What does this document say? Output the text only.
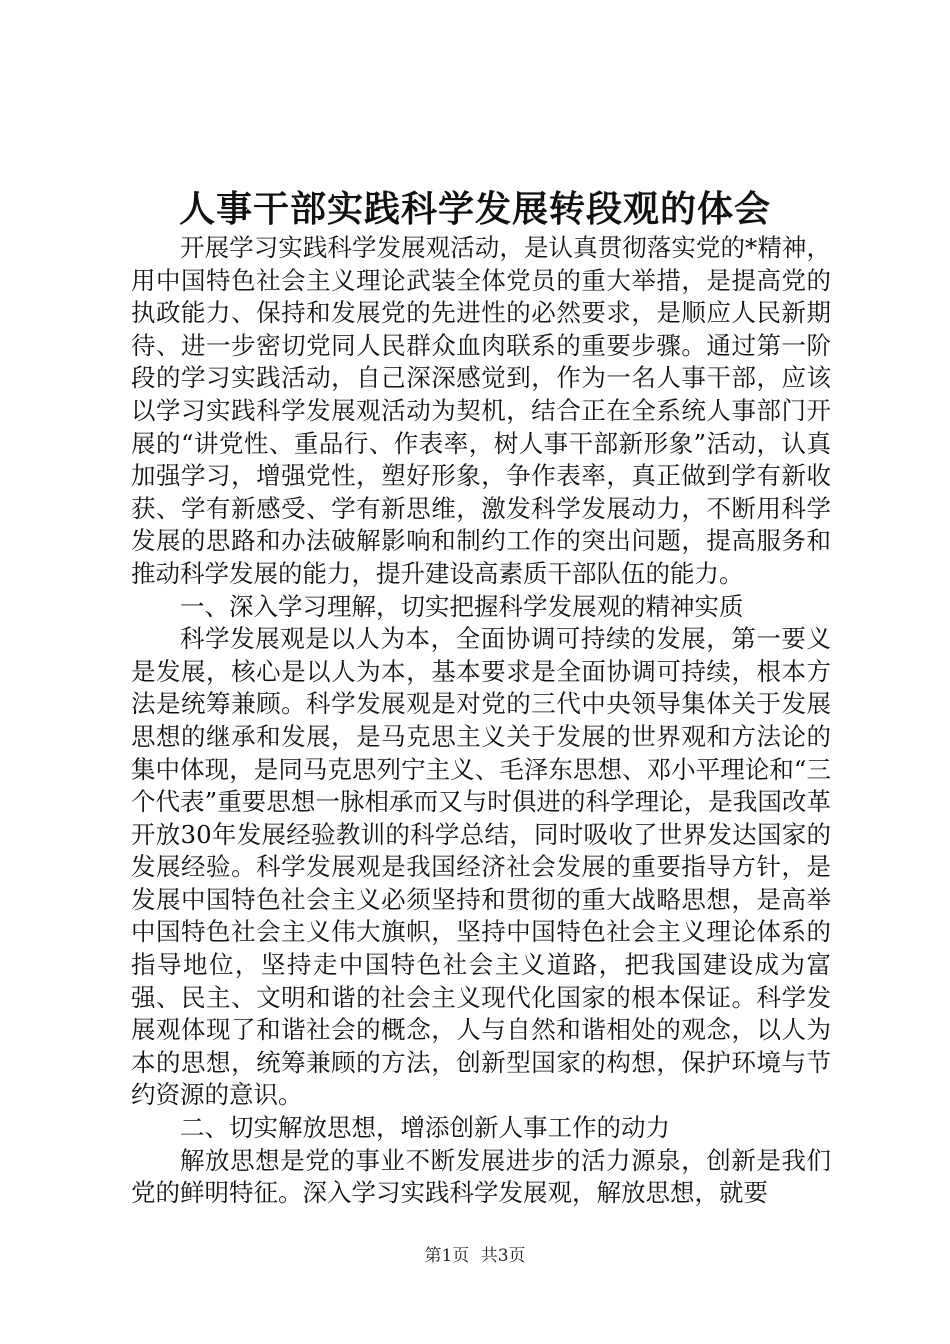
人事干部实践科学发展转段观的体会

开展学习实践科学发展观活动，是认真贯彻落实党的*精神，用中国特色社会主义理论武装全体党员的重大举措，是提高党的执政能力、保持和发展党的先进性的必然要求，是顺应人民新期待、进一步密切党同人民群众血肉联系的重要步骤。通过第一阶段的学习实践活动，自己深深感觉到，作为一名人事干部，应该以学习实践科学发展观活动为契机，结合正在全系统人事部门开展的“讲党性、重品行、作表率，树人事干部新形象”活动，认真加强学习，增强党性，塑好形象，争作表率，真正做到学有新收获、学有新感受、学有新思维，激发科学发展动力，不断用科学发展的思路和办法破解影响和制约工作的突出问题，提高服务和推动科学发展的能力，提升建设高素质干部队伍的能力。

一、深入学习理解，切实把握科学发展观的精神实质

科学发展观是以人为本，全面协调可持续的发展，第一要义是发展，核心是以人为本，基本要求是全面协调可持续，根本方法是统筹兼顾。科学发展观是对党的三代中央领导集体关于发展思想的继承和发展，是马克思主义关于发展的世界观和方法论的集中体现，是同马克思列宁主义、毛泽东思想、邓小平理论和“三个代表”重要思想一脉相承而又与时俱进的科学理论，是我国改革开放30年发展经验教训的科学总结，同时吸收了世界发达国家的发展经验。科学发展观是我国经济社会发展的重要指导方针，是发展中国特色社会主义必须坚持和贯彻的重大战略思想，是高举中国特色社会主义伟大旗帜，坚持中国特色社会主义理论体系的指导地位，坚持走中国特色社会主义道路，把我国建设成为富强、民主、文明和谐的社会主义现代化国家的根本保证。科学发展观体现了和谐社会的概念，人与自然和谐相处的观念，以人为本的思想，统筹兼顾的方法，创新型国家的构想，保护环境与节约资源的意识。

二、切实解放思想，增添创新人事工作的动力

解放思想是党的事业不断发展进步的活力源泉，创新是我们党的鲜明特征。深入学习实践科学发展观，解放思想，就要

第1页 共3页
